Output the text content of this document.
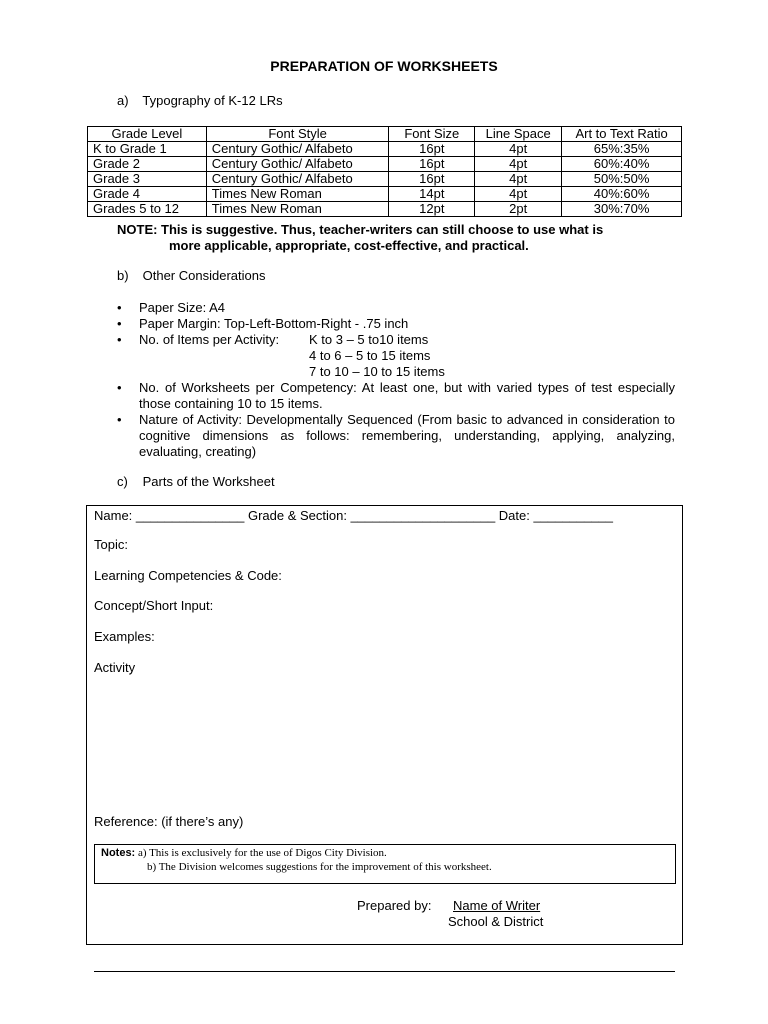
PREPARATION OF WORKSHEETS
a) Typography of K-12 LRs
Grade Level	Font Style	Font Size	Line Space	Art to Text Ratio
K to Grade 1	Century Gothic/ Alfabeto	16pt	4pt	65%:35%
Grade 2	Century Gothic/ Alfabeto	16pt	4pt	60%:40%
Grade 3	Century Gothic/ Alfabeto	16pt	4pt	50%:50%
Grade 4	Times New Roman	14pt	4pt	40%:60%
Grades 5 to 12	Times New Roman	12pt	2pt	30%:70%
NOTE: This is suggestive. Thus, teacher-writers can still choose to use what is
more applicable, appropriate, cost-effective, and practical.
b) Other Considerations
• Paper Size: A4
• Paper Margin: Top-Left-Bottom-Right - .75 inch
• No. of Items per Activity:	K to 3 – 5 to10 items
4 to 6 – 5 to 15 items
7 to 10 – 10 to 15 items
• No. of Worksheets per Competency: At least one, but with varied types of test especially those containing 10 to 15 items.
• Nature of Activity: Developmentally Sequenced (From basic to advanced in consideration to cognitive dimensions as follows: remembering, understanding, applying, analyzing, evaluating, creating)
c) Parts of the Worksheet
Name: _______________ Grade & Section: ____________________ Date: ___________
Topic:
Learning Competencies & Code:
Concept/Short Input:
Examples:
Activity
Reference: (if there’s any)
Notes: a) This is exclusively for the use of Digos City Division.
b) The Division welcomes suggestions for the improvement of this worksheet.
Prepared by: Name of Writer
School & District
